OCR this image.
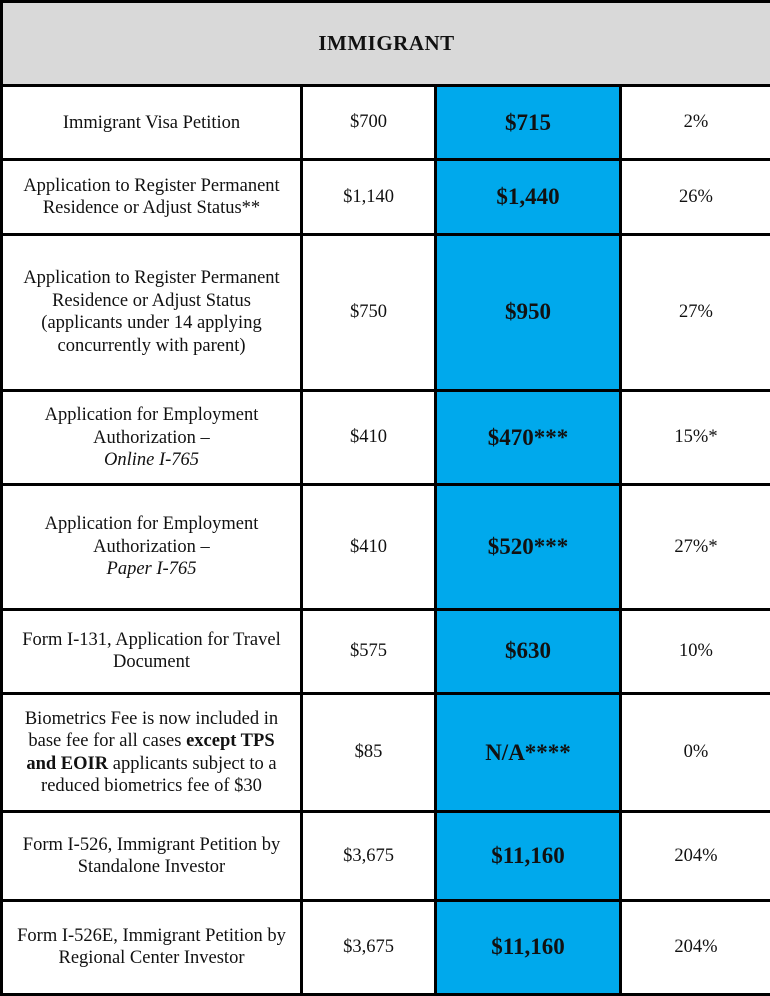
IMMIGRANT			

Immigrant Visa Petition	$700	$715	2%

Application to Register Permanent
Residence or Adjust Status**	$1,140	$1,440	26%

Application to Register Permanent
Residence or Adjust Status
(applicants under 14 applying
concurrently with parent)	$750	$950	27%

Application for Employment
Authorization –
Online I-765	$410	$470***	15%*

Application for Employment
Authorization –
Paper I-765	$410	$520***	27%*

Form I-131, Application for Travel
Document	$575	$630	10%

Biometrics Fee is now included in
base fee for all cases except TPS
and EOIR applicants subject to a
reduced biometrics fee of $30	$85	N/A****	0%

Form I-526, Immigrant Petition by
Standalone Investor	$3,675	$11,160	204%

Form I-526E, Immigrant Petition by
Regional Center Investor	$3,675	$11,160	204%
